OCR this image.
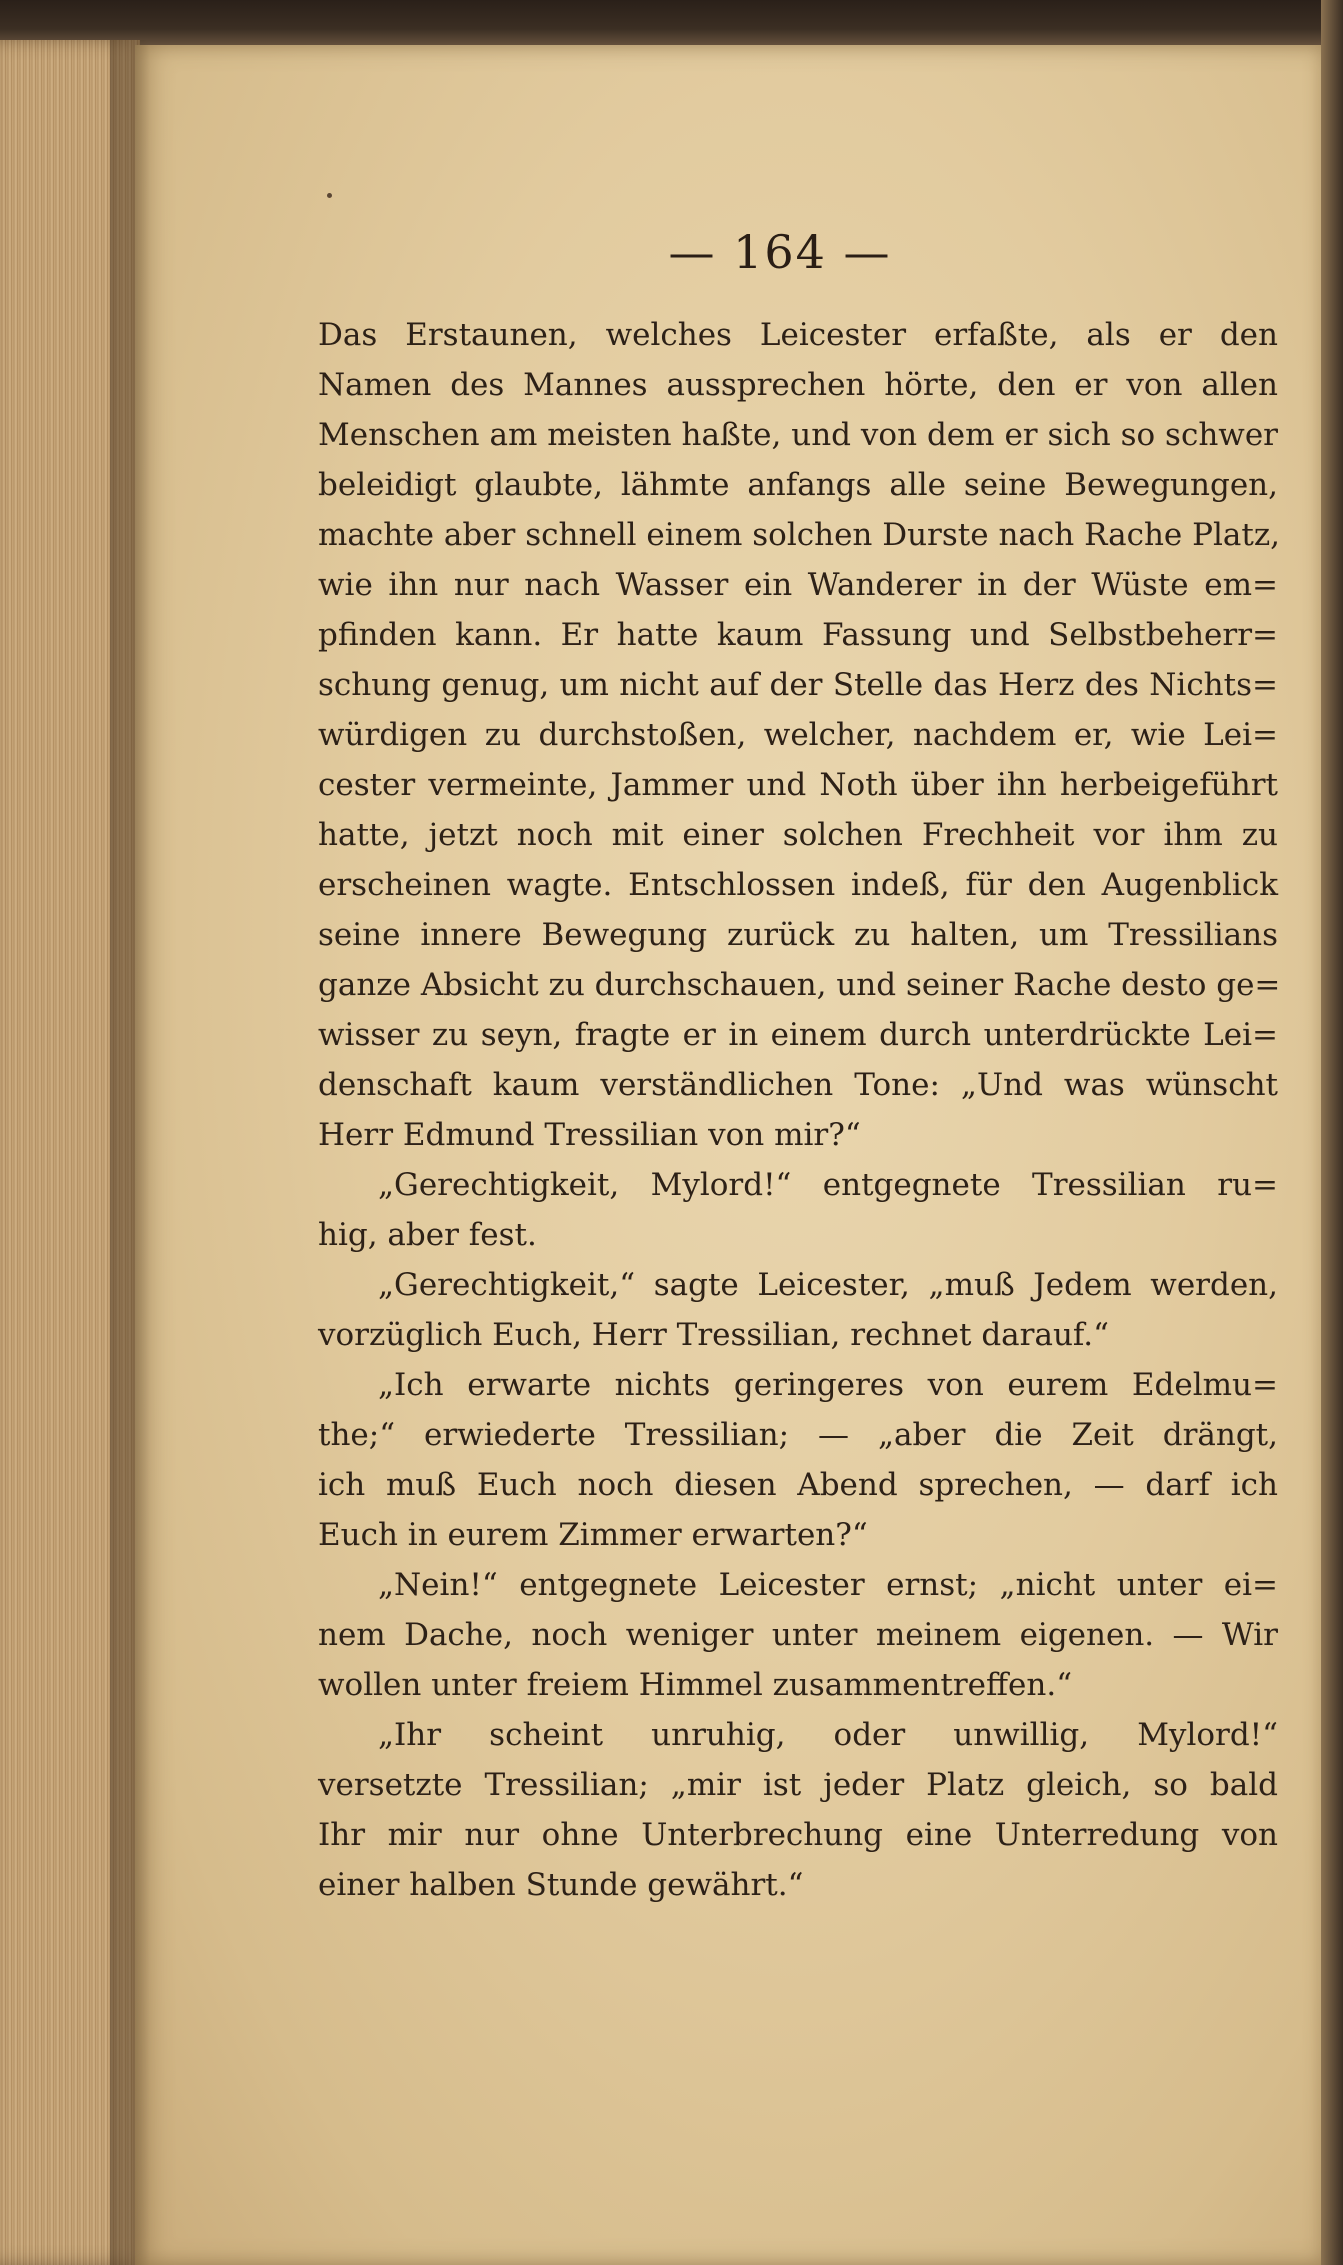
— 164 —
Das Erstaunen, welches Leicester erfaßte, als er den
Namen des Mannes aussprechen hörte, den er von allen
Menschen am meisten haßte, und von dem er sich so schwer
beleidigt glaubte, lähmte anfangs alle seine Bewegungen,
machte aber schnell einem solchen Durste nach Rache Platz,
wie ihn nur nach Wasser ein Wanderer in der Wüste em=
pfinden kann. Er hatte kaum Fassung und Selbstbeherr=
schung genug, um nicht auf der Stelle das Herz des Nichts=
würdigen zu durchstoßen, welcher, nachdem er, wie Lei=
cester vermeinte, Jammer und Noth über ihn herbeigeführt
hatte, jetzt noch mit einer solchen Frechheit vor ihm zu
erscheinen wagte. Entschlossen indeß, für den Augenblick
seine innere Bewegung zurück zu halten, um Tressilians
ganze Absicht zu durchschauen, und seiner Rache desto ge=
wisser zu seyn, fragte er in einem durch unterdrückte Lei=
denschaft kaum verständlichen Tone: „Und was wünscht
Herr Edmund Tressilian von mir?“
„Gerechtigkeit, Mylord!“ entgegnete Tressilian ru=
hig, aber fest.
„Gerechtigkeit,“ sagte Leicester, „muß Jedem werden,
vorzüglich Euch, Herr Tressilian, rechnet darauf.“
„Ich erwarte nichts geringeres von eurem Edelmu=
the;“ erwiederte Tressilian; — „aber die Zeit drängt,
ich muß Euch noch diesen Abend sprechen, — darf ich
Euch in eurem Zimmer erwarten?“
„Nein!“ entgegnete Leicester ernst; „nicht unter ei=
nem Dache, noch weniger unter meinem eigenen. — Wir
wollen unter freiem Himmel zusammentreffen.“
„Ihr scheint unruhig, oder unwillig, Mylord!“
versetzte Tressilian; „mir ist jeder Platz gleich, so bald
Ihr mir nur ohne Unterbrechung eine Unterredung von
einer halben Stunde gewährt.“
